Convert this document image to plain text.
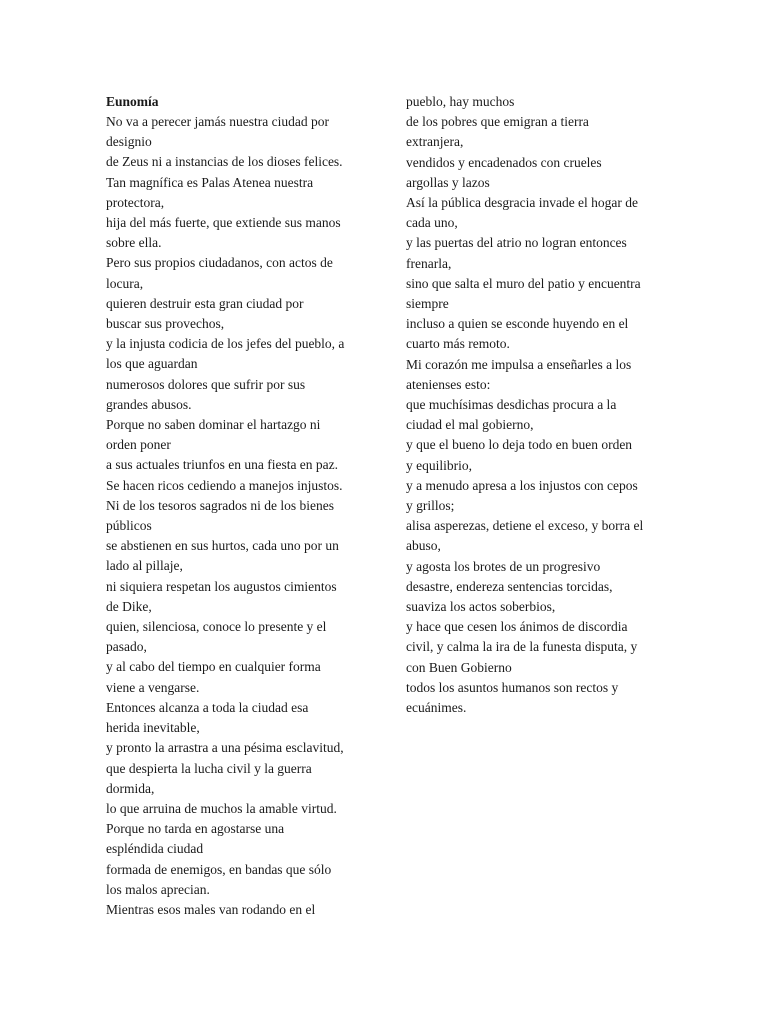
Eunomía

No va a perecer jamás nuestra ciudad por

designio

de Zeus ni a instancias de los dioses felices.

Tan magnífica es Palas Atenea nuestra

protectora,

hija del más fuerte, que extiende sus manos

sobre ella.

Pero sus propios ciudadanos, con actos de

locura,

quieren destruir esta gran ciudad por

buscar sus provechos,

y la injusta codicia de los jefes del pueblo, a

los que aguardan

numerosos dolores que sufrir por sus

grandes abusos.

Porque no saben dominar el hartazgo ni

orden poner

a sus actuales triunfos en una fiesta en paz.

Se hacen ricos cediendo a manejos injustos.

Ni de los tesoros sagrados ni de los bienes

públicos

se abstienen en sus hurtos, cada uno por un

lado al pillaje,

ni siquiera respetan los augustos cimientos

de Dike,

quien, silenciosa, conoce lo presente y el

pasado,

y al cabo del tiempo en cualquier forma

viene a vengarse.

Entonces alcanza a toda la ciudad esa

herida inevitable,

y pronto la arrastra a una pésima esclavitud,

que despierta la lucha civil y la guerra

dormida,

lo que arruina de muchos la amable virtud.

Porque no tarda en agostarse una

espléndida ciudad

formada de enemigos, en bandas que sólo

los malos aprecian.

Mientras esos males van rodando en el

pueblo, hay muchos

de los pobres que emigran a tierra

extranjera,

vendidos y encadenados con crueles

argollas y lazos

Así la pública desgracia invade el hogar de

cada uno,

y las puertas del atrio no logran entonces

frenarla,

sino que salta el muro del patio y encuentra

siempre

incluso a quien se esconde huyendo en el

cuarto más remoto.

Mi corazón me impulsa a enseñarles a los

atenienses esto:

que muchísimas desdichas procura a la

ciudad el mal gobierno,

y que el bueno lo deja todo en buen orden

y equilibrio,

y a menudo apresa a los injustos con cepos

y grillos;

alisa asperezas, detiene el exceso, y borra el

abuso,

y agosta los brotes de un progresivo

desastre, endereza sentencias torcidas,

suaviza los actos soberbios,

y hace que cesen los ánimos de discordia

civil, y calma la ira de la funesta disputa, y

con Buen Gobierno

todos los asuntos humanos son rectos y

ecuánimes.
